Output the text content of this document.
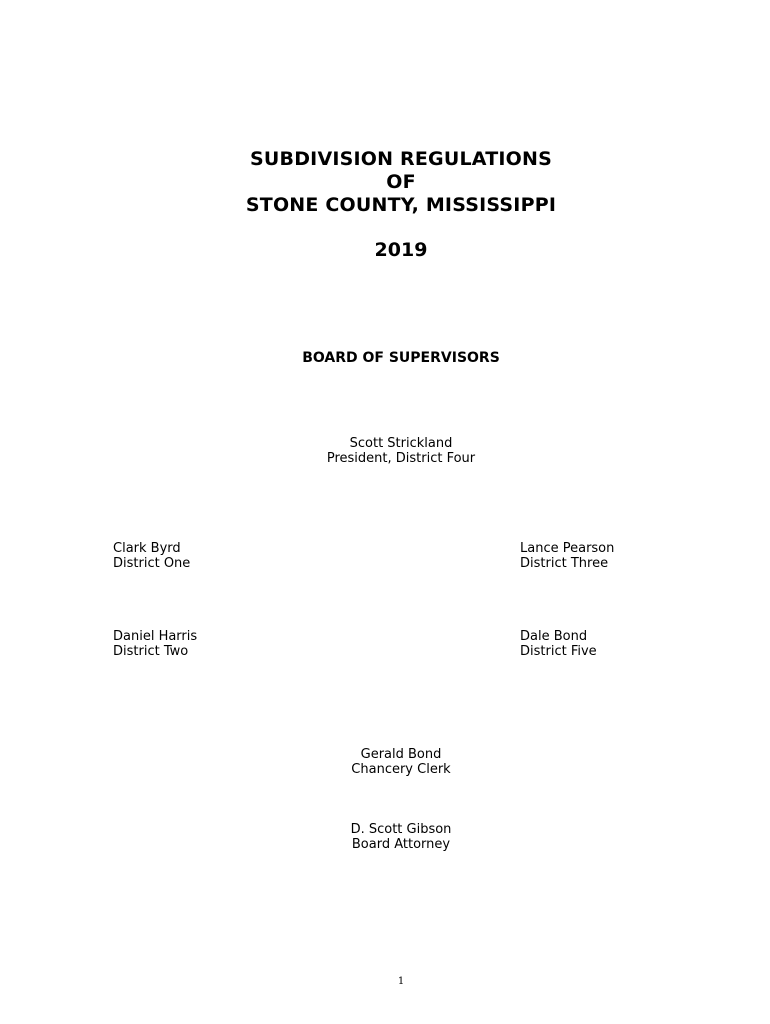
SUBDIVISION REGULATIONS
OF
STONE COUNTY, MISSISSIPPI
2019
BOARD OF SUPERVISORS
Scott Strickland
President, District Four
Clark Byrd
District One
Lance Pearson
District Three
Daniel Harris
District Two
Dale Bond
District Five
Gerald Bond
Chancery Clerk
D. Scott Gibson
Board Attorney
1
